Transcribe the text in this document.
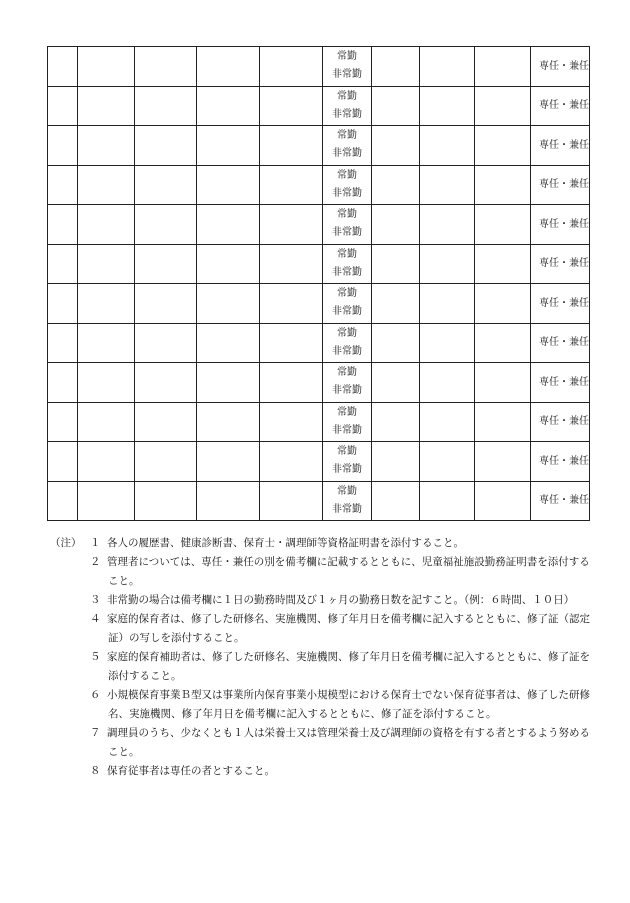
					常勤
非常勤				専任・兼任

					常勤
非常勤				専任・兼任

					常勤
非常勤				専任・兼任

					常勤
非常勤				専任・兼任

					常勤
非常勤				専任・兼任

					常勤
非常勤				専任・兼任

					常勤
非常勤				専任・兼任

					常勤
非常勤				専任・兼任

					常勤
非常勤				専任・兼任

					常勤
非常勤				専任・兼任

					常勤
非常勤				専任・兼任

					常勤
非常勤				専任・兼任
（注） １ 各人の履歴書、健康診断書、保育士・調理師等資格証明書を添付すること。
２ 管理者については、専任・兼任の別を備考欄に記載するとともに、児童福祉施設勤務証明書を添付すること。
３ 非常勤の場合は備考欄に１日の勤務時間及び１ヶ月の勤務日数を記すこと。（例：６時間、１０日）
４ 家庭的保育者は、修了した研修名、実施機関、修了年月日を備考欄に記入するとともに、修了証（認定証）の写しを添付すること。
５ 家庭的保育補助者は、修了した研修名、実施機関、修了年月日を備考欄に記入するとともに、修了証を添付すること。
６ 小規模保育事業Ｂ型又は事業所内保育事業小規模型における保育士でない保育従事者は、修了した研修名、実施機関、修了年月日を備考欄に記入するとともに、修了証を添付すること。
７ 調理員のうち、少なくとも１人は栄養士又は管理栄養士及び調理師の資格を有する者とするよう努めること。
８ 保育従事者は専任の者とすること。
